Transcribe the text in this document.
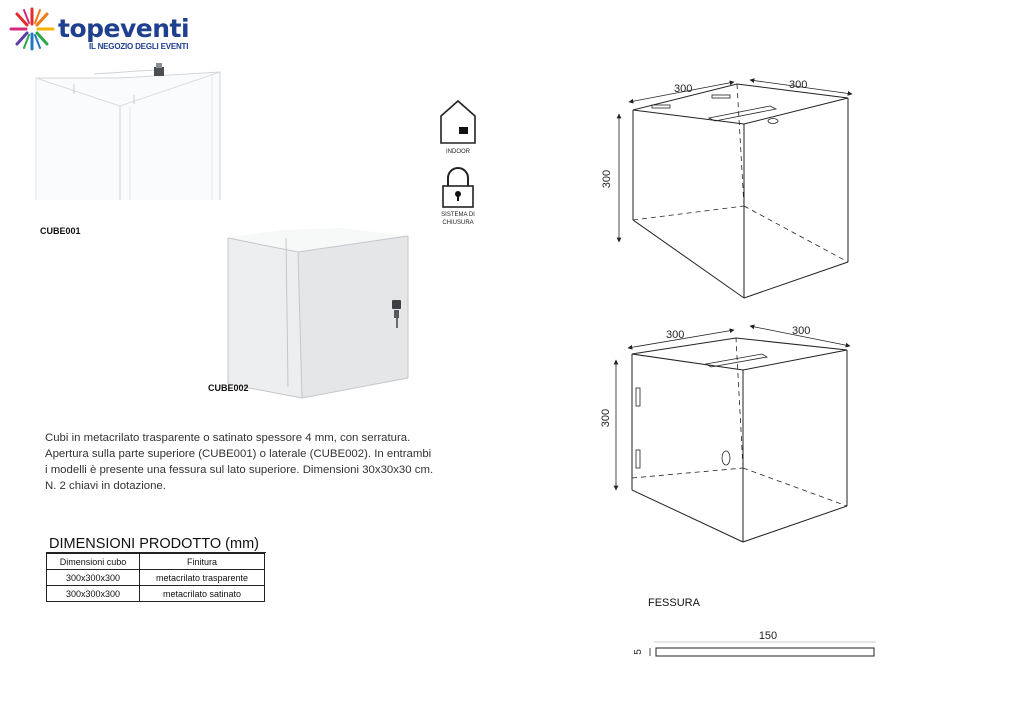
topeventi
IL NEGOZIO DEGLI EVENTI
CUBE001
CUBE002
INDOOR
SISTEMA DI
CHIUSURA
Cubi in metacrilato trasparente o satinato spessore 4 mm, con serratura.
Apertura sulla parte superiore (CUBE001) o laterale (CUBE002). In entrambi
i modelli è presente una fessura sul lato superiore. Dimensioni 30x30x30 cm.
N. 2 chiavi in dotazione.
DIMENSIONI PRODOTTO (mm)
Dimensioni cubo	Finitura
300x300x300	metacrilato trasparente
300x300x300	metacrilato satinato
300	300
300
300	300
300
FESSURA
150
5
